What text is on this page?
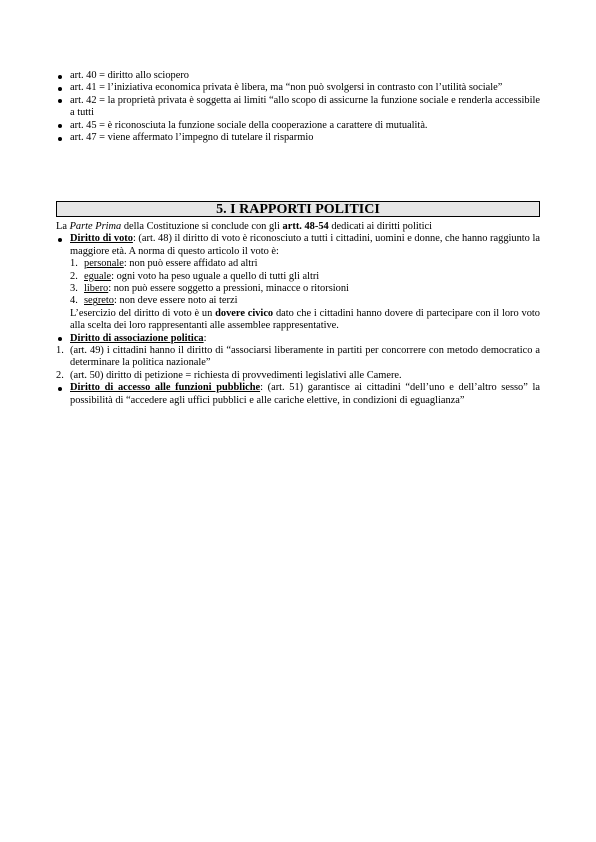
art. 40 = diritto allo sciopero
art. 41 = l’iniziativa economica privata è libera, ma “non può svolgersi in contrasto con l’utilità sociale”
art. 42 = la proprietà privata è soggetta ai limiti “allo scopo di assicurne la funzione sociale e renderla accessibile a tutti
art. 45 = è riconosciuta la funzione sociale della cooperazione a carattere di mutualità.
art. 47 = viene affermato l’impegno di tutelare il risparmio
5. I RAPPORTI POLITICI
La Parte Prima della Costituzione si conclude con gli artt. 48-54 dedicati ai diritti politici
Diritto di voto: (art. 48) il diritto di voto è riconosciuto a tutti i cittadini, uomini e donne, che hanno raggiunto la maggiore età. A norma di questo articolo il voto è:
1. personale: non può essere affidato ad altri
2. eguale: ogni voto ha peso uguale a quello di tutti gli altri
3. libero: non può essere soggetto a pressioni, minacce o ritorsioni
4. segreto: non deve essere noto ai terzi
L’esercizio del diritto di voto è un dovere civico dato che i cittadini hanno dovere di partecipare con il loro voto alla scelta dei loro rappresentanti alle assemblee rappresentative.
Diritto di associazione politica:
1. (art. 49) i cittadini hanno il diritto di “associarsi liberamente in partiti per concorrere con metodo democratico a determinare la politica nazionale”
2. (art. 50) diritto di petizione = richiesta di provvedimenti legislativi alle Camere.
Diritto di accesso alle funzioni pubbliche: (art. 51) garantisce ai cittadini “dell’uno e dell’altro sesso” la possibilità di “accedere agli uffici pubblici e alle cariche elettive, in condizioni di eguaglianza”
